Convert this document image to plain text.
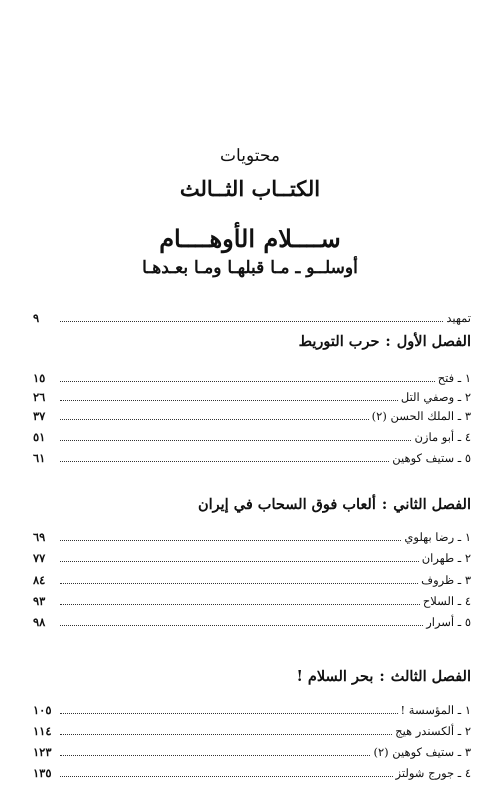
محتويات
الكتــاب الثــالث
ســــلام الأوهــــام
أوسلــو ـ مـا قبلهـا ومـا بعـدهـا
تمهيد
٩
الفصل الأول:حرب التوريط
١ ـ فتح
١٥
٢ ـ وصفي التل
٢٦
٣ ـ الملك الحسن (٢)
٣٧
٤ ـ أبو مازن
٥١
٥ ـ ستيف كوهين
٦١
الفصل الثاني:ألعاب فوق السحاب في إيران
١ ـ رضا بهلوي
٦٩
٢ ـ طهران
٧٧
٣ ـ ظروف
٨٤
٤ ـ السلاح
٩٣
٥ ـ أسرار
٩٨
الفصل الثالث:بحر السلام !
١ ـ المؤسسة !
١٠٥
٢ ـ ألكسندر هيج
١١٤
٣ ـ ستيف كوهين (٢)
١٢٣
٤ ـ جورج شولتز
١٣٥
